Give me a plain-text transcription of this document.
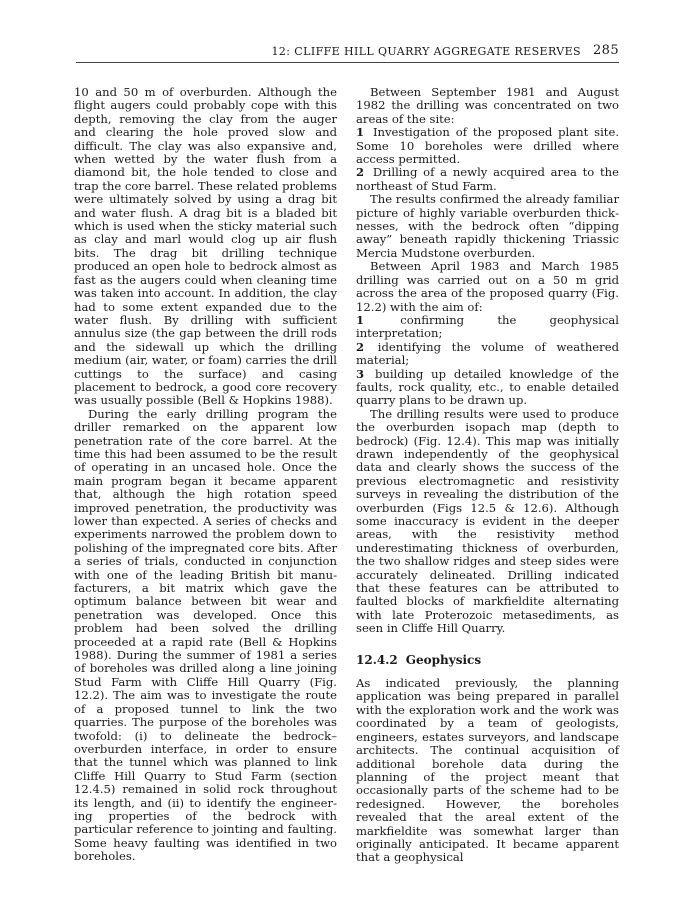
12: CLIFFE HILL QUARRY AGGREGATE RESERVES 285

10 and 50 m of overburden. Although the flight augers could probably cope with this depth, removing the clay from the auger and clearing the hole proved slow and difficult. The clay was also expansive and, when wetted by the water flush from a diamond bit, the hole tended to close and trap the core barrel. These related problems were ultimately solved by using a drag bit and water flush. A drag bit is a bladed bit which is used when the sticky material such as clay and marl would clog up air flush bits. The drag bit drilling technique produced an open hole to bedrock almost as fast as the augers could when cleaning time was taken into account. In addition, the clay had to some extent expanded due to the water flush. By drilling with sufficient annulus size (the gap between the drill rods and the sidewall up which the drilling medium (air, water, or foam) carries the drill cuttings to the surface) and casing placement to bedrock, a good core recovery was usually possible (Bell & Hopkins 1988).

During the early drilling program the driller remarked on the apparent low penetration rate of the core barrel. At the time this had been assumed to be the result of operating in an uncased hole. Once the main program began it became apparent that, although the high rotation speed improved penetration, the productivity was lower than expected. A series of checks and experiments narrowed the problem down to polishing of the impregnated core bits. After a series of trials, conducted in conjunction with one of the leading British bit manufacturers, a bit matrix which gave the optimum balance between bit wear and penetration was developed. Once this problem had been solved the drilling proceeded at a rapid rate (Bell & Hopkins 1988). During the summer of 1981 a series of boreholes was drilled along a line joining Stud Farm with Cliffe Hill Quarry (Fig. 12.2). The aim was to investigate the route of a proposed tunnel to link the two quarries. The purpose of the boreholes was twofold: (i) to delineate the bedrock–overburden interface, in order to ensure that the tunnel which was planned to link Cliffe Hill Quarry to Stud Farm (section 12.4.5) remained in solid rock throughout its length, and (ii) to identify the engineering properties of the bedrock with particular reference to jointing and faulting. Some heavy faulting was identified in two boreholes.

Between September 1981 and August 1982 the drilling was concentrated on two areas of the site:

1 Investigation of the proposed plant site. Some 10 boreholes were drilled where access permitted.

2 Drilling of a newly acquired area to the northeast of Stud Farm.

The results confirmed the already familiar picture of highly variable overburden thicknesses, with the bedrock often “dipping away” beneath rapidly thickening Triassic Mercia Mudstone overburden.

Between April 1983 and March 1985 drilling was carried out on a 50 m grid across the area of the proposed quarry (Fig. 12.2) with the aim of:

1	confirming the geophysical interpretation;

2 identifying the volume of weathered material;

3 building up detailed knowledge of the faults, rock quality, etc., to enable detailed quarry plans to be drawn up.

The drilling results were used to produce the overburden isopach map (depth to bedrock) (Fig. 12.4). This map was initially drawn independently of the geophysical data and clearly shows the success of the previous electromagnetic and resistivity surveys in revealing the distribution of the overburden (Figs 12.5 & 12.6). Although some inaccuracy is evident in the deeper areas, with the resistivity method underestimating thickness of overburden, the two shallow ridges and steep sides were accurately delineated. Drilling indicated that these features can be attributed to faulted blocks of markfieldite alternating with late Proterozoic metasediments, as seen in Cliffe Hill Quarry.

12.4.2 Geophysics

As indicated previously, the planning application was being prepared in parallel with the exploration work and the work was coordinated by a team of geologists, engineers, estates surveyors, and landscape architects. The continual acquisition of additional borehole data during the planning of the project meant that occasionally parts of the scheme had to be redesigned. However, the boreholes revealed that the areal extent of the markfieldite was somewhat larger than originally anticipated. It became apparent that a geophysical
